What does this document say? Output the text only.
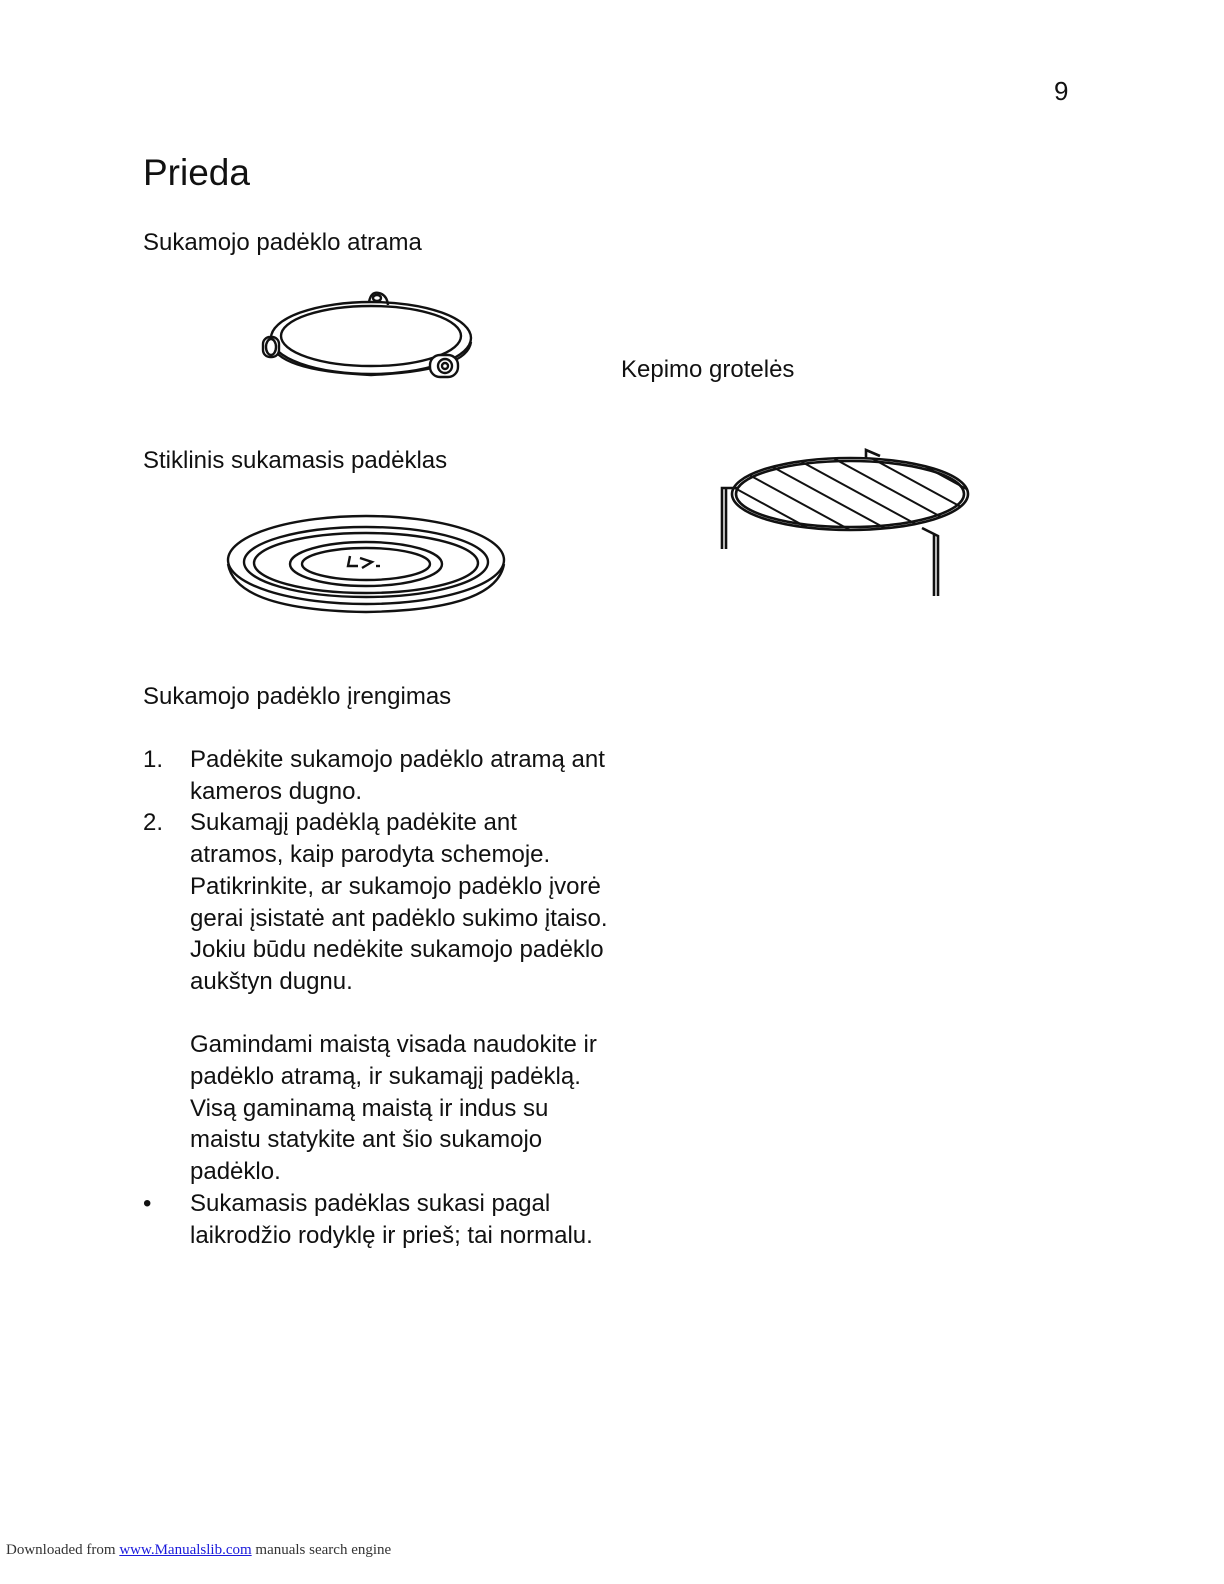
9
Prieda
Sukamojo padėklo atrama
Stiklinis sukamasis padėklas
Kepimo grotelės
Sukamojo padėklo įrengimas
1. Padėkite sukamojo padėklo atramą ant kameros dugno.
2. Sukamąjį padėklą padėkite ant atramos, kaip parodyta schemoje. Patikrinkite, ar sukamojo padėklo įvorė gerai įsistatė ant padėklo sukimo įtaiso. Jokiu būdu nedėkite sukamojo padėklo aukštyn dugnu.
Gamindami maistą visada naudokite ir padėklo atramą, ir sukamąjį padėklą.
Visą gaminamą maistą ir indus su maistu statykite ant šio sukamojo padėklo.
• Sukamasis padėklas sukasi pagal laikrodžio rodyklę ir prieš; tai normalu.
Downloaded from www.Manualslib.com manuals search engine
